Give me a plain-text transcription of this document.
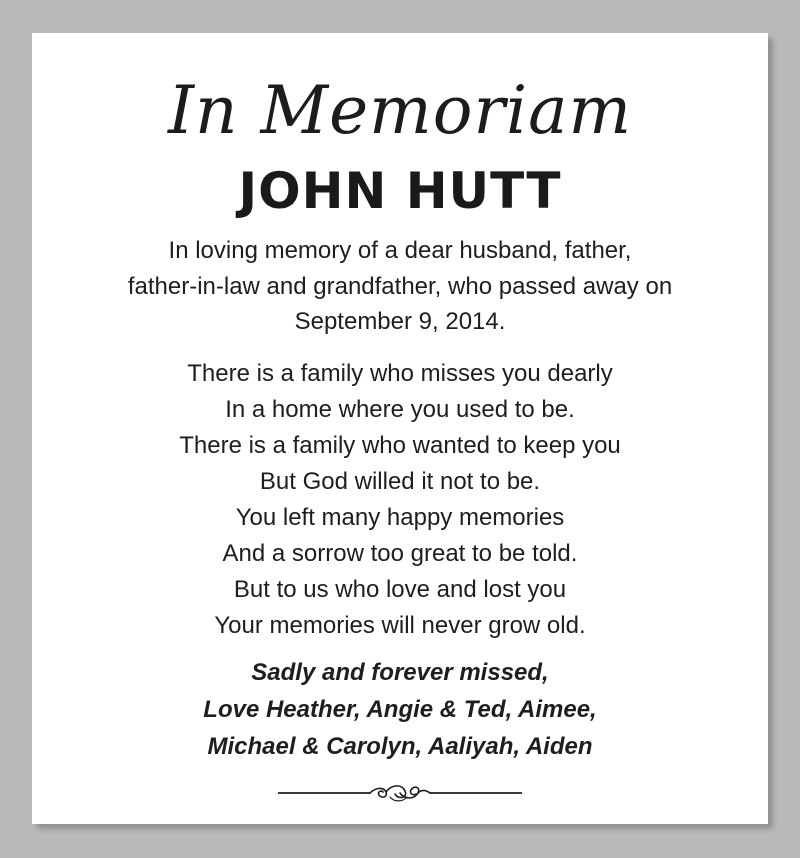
In Memoriam
JOHN HUTT
In loving memory of a dear husband, father,
father-in-law and grandfather, who passed away on
September 9, 2014.
There is a family who misses you dearly
In a home where you used to be.
There is a family who wanted to keep you
But God willed it not to be.
You left many happy memories
And a sorrow too great to be told.
But to us who love and lost you
Your memories will never grow old.
Sadly and forever missed,
Love Heather, Angie & Ted, Aimee,
Michael & Carolyn, Aaliyah, Aiden
